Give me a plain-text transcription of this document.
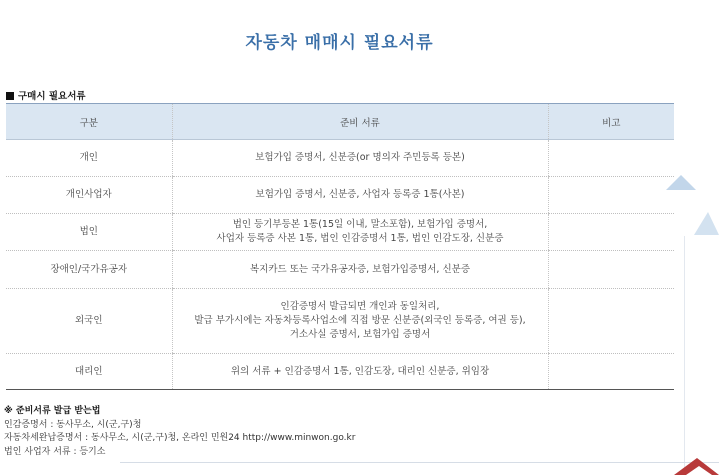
자동차 매매시 필요서류
구매시 필요서류
구분	준비 서류	비고
개인	보험가입 증명서, 신분증(or 명의자 주민등록 등본)	

개인사업자	보험가입 증명서, 신분증, 사업자 등록증 1통(사본)	

법인	법인 등기부등본 1통(15일 이내, 말소포함), 보험가입 증명서,
사업자 등록증 사본 1통, 법인 인감증명서 1통, 법인 인감도장, 신분증	

장애인/국가유공자	복지카드 또는 국가유공자증, 보험가입증명서, 신분증	

외국인	인감증명서 발급되면 개인과 동일처리,
발급 부가시에는 자동차등록사업소에 직접 방문 신분증(외국인 등록증, 여권 등),
거소사실 증명서, 보험가입 증명서	

대리인	위의 서류 + 인감증명서 1통, 인감도장, 대리인 신분증, 위임장	

※ 준비서류 발급 받는법
인감증명서 : 동사무소, 시(군,구)청
자동차세완납증명서 : 동사무소, 시(군,구)청, 온라인 민원24 http://www.minwon.go.kr
법인 사업자 서류 : 등기소
